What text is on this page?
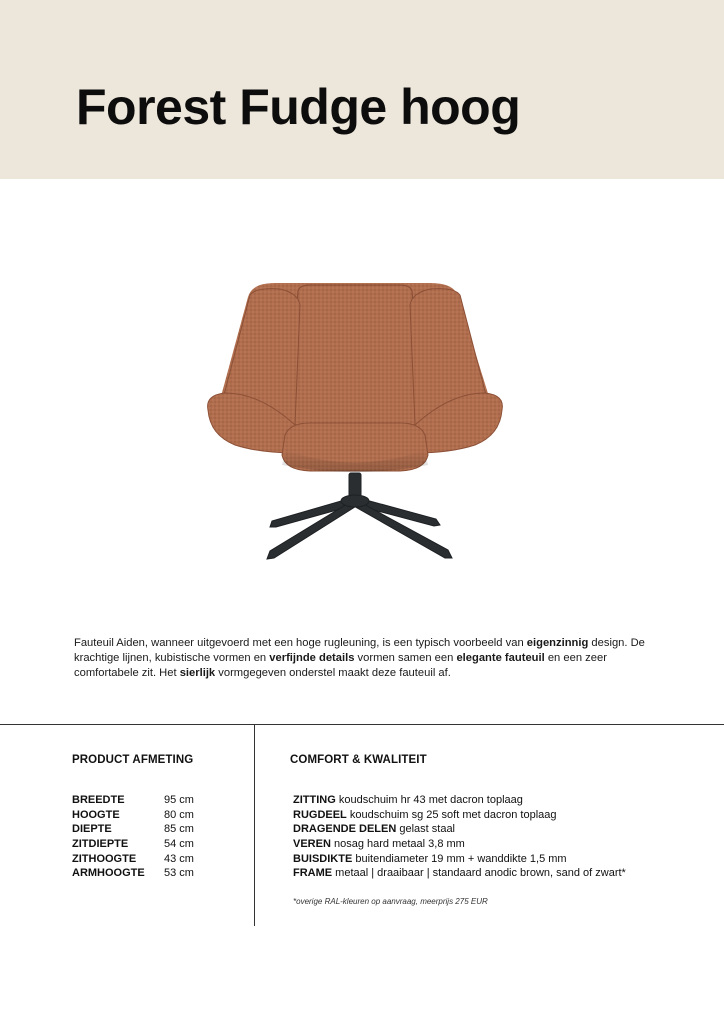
Forest Fudge hoog

Fauteuil Aiden, wanneer uitgevoerd met een hoge rugleuning, is een typisch voorbeeld van eigenzinnig design. De krachtige lijnen, kubistische vormen en verfijnde details vormen samen een elegante fauteuil en een zeer comfortabele zit. Het sierlijk vormgegeven onderstel maakt deze fauteuil af.

PRODUCT AFMETING	COMFORT & KWALITEIT
BREEDTE	95 cm
HOOGTE	80 cm
DIEPTE	85 cm
ZITDIEPTE	54 cm
ZITHOOGTE	43 cm
ARMHOOGTE	53 cm
ZITTING koudschuim hr 43 met dacron toplaag
RUGDEEL koudschuim sg 25 soft met dacron toplaag
DRAGENDE DELEN gelast staal
VEREN nosag hard metaal 3,8 mm
BUISDIKTE buitendiameter 19 mm + wanddikte 1,5 mm
FRAME metaal | draaibaar | standaard anodic brown, sand of zwart*

*overige RAL-kleuren op aanvraag, meerprijs 275 EUR
